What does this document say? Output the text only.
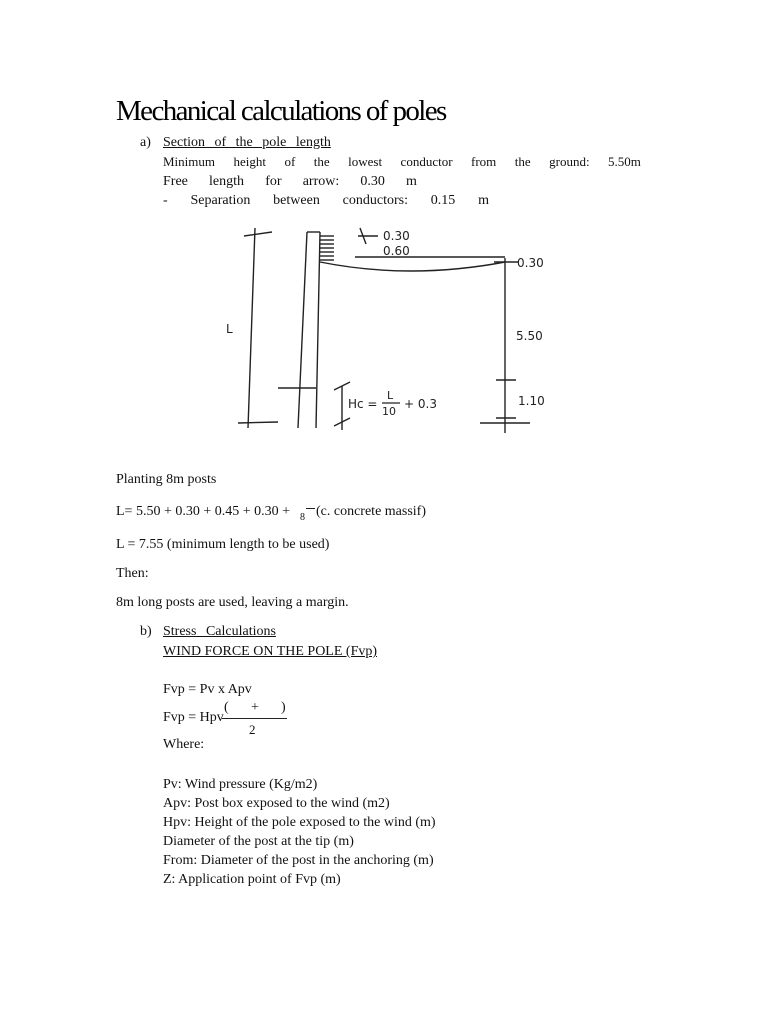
Mechanical calculations of poles
a) Section of the pole length
Minimum height of the lowest conductor from the ground: 5.50m
Free length for arrow: 0.30 m
- Separation between conductors: 0.15 m
L
0.30
0.60
0.30
5.50
1.10
Hc =
L
10
+ 0.3
Planting 8m posts
L= 5.50 + 0.30 + 0.45 + 0.30 + 8 (c. concrete massif)
L = 7.55 (minimum length to be used)
Then:
8m long posts are used, leaving a margin.
b) Stress Calculations
WIND FORCE ON THE POLE (Fvp)
Fvp = Pv x Apv
Fvp = Hpv
( + )
2
Where:
Pv: Wind pressure (Kg/m2)
Apv: Post box exposed to the wind (m2)
Hpv: Height of the pole exposed to the wind (m)
Diameter of the post at the tip (m)
From: Diameter of the post in the anchoring (m)
Z: Application point of Fvp (m)
